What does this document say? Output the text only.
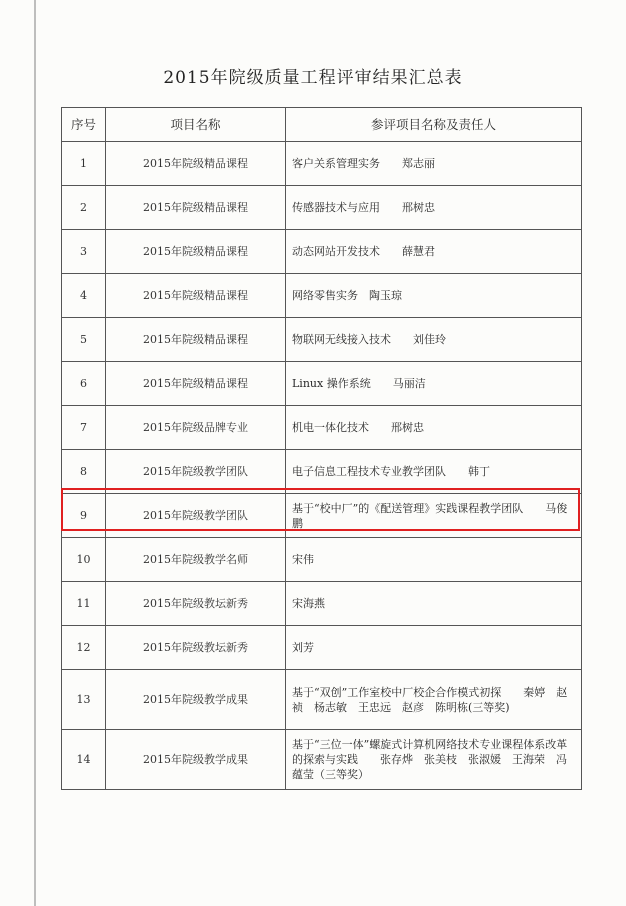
2015年院级质量工程评审结果汇总表
序号	项目名称	参评项目名称及责任人
1	2015年院级精品课程	客户关系管理实务　　郑志丽
2	2015年院级精品课程	传感器技术与应用　　邢树忠
3	2015年院级精品课程	动态网站开发技术　　薛慧君
4	2015年院级精品课程	网络零售实务　陶玉琼
5	2015年院级精品课程	物联网无线接入技术　　刘佳玲
6	2015年院级精品课程	Linux 操作系统　　马丽洁
7	2015年院级品牌专业	机电一体化技术　　邢树忠
8	2015年院级教学团队	电子信息工程技术专业教学团队　　韩丁
9	2015年院级教学团队	基于“校中厂”的《配送管理》实践课程教学团队　　马俊鹏
10	2015年院级教学名师	宋伟
11	2015年院级教坛新秀	宋海燕
12	2015年院级教坛新秀	刘芳
13	2015年院级教学成果	基于“双创”工作室校中厂校企合作模式初探　　秦婷　赵祯　杨志敏　王忠远　赵彦　陈明栋(三等奖)
14	2015年院级教学成果	基于“三位一体”螺旋式计算机网络技术专业课程体系改革的探索与实践　　张存烨　张美枝　张淑媛　王海荣　冯蕴莹（三等奖）
